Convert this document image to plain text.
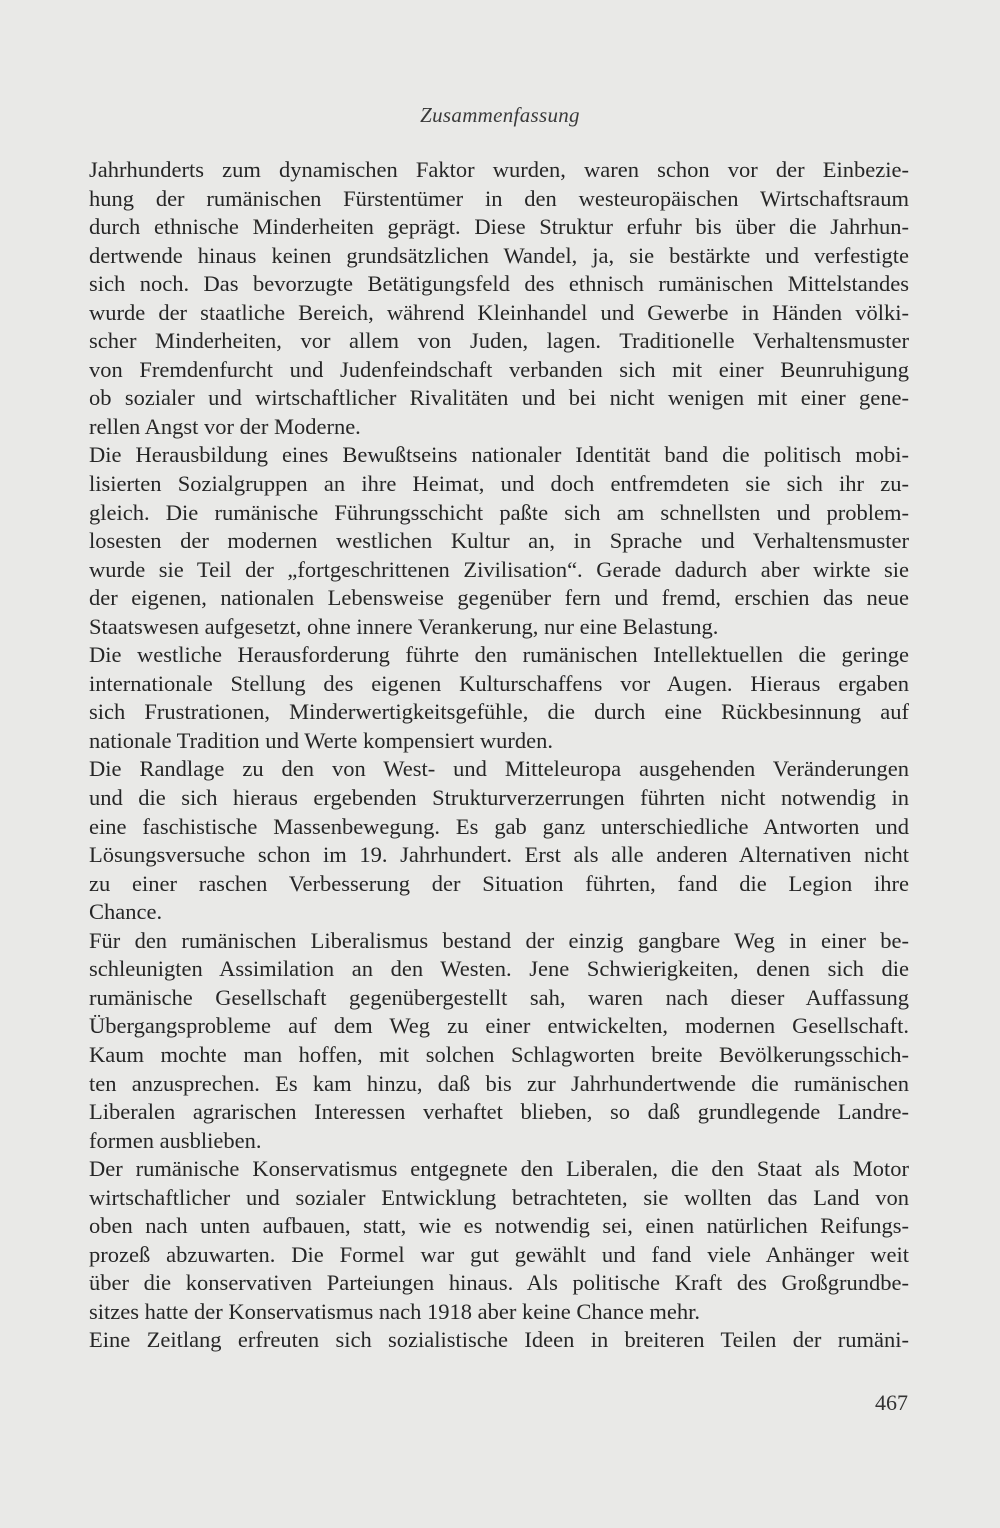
Zusammenfassung
Jahrhunderts zum dynamischen Faktor wurden, waren schon vor der Einbezie-
hung der rumänischen Fürstentümer in den westeuropäischen Wirtschaftsraum
durch ethnische Minderheiten geprägt. Diese Struktur erfuhr bis über die Jahrhun-
dertwende hinaus keinen grundsätzlichen Wandel, ja, sie bestärkte und verfestigte
sich noch. Das bevorzugte Betätigungsfeld des ethnisch rumänischen Mittelstandes
wurde der staatliche Bereich, während Kleinhandel und Gewerbe in Händen völki-
scher Minderheiten, vor allem von Juden, lagen. Traditionelle Verhaltensmuster
von Fremdenfurcht und Judenfeindschaft verbanden sich mit einer Beunruhigung
ob sozialer und wirtschaftlicher Rivalitäten und bei nicht wenigen mit einer gene-
rellen Angst vor der Moderne.
Die Herausbildung eines Bewußtseins nationaler Identität band die politisch mobi-
lisierten Sozialgruppen an ihre Heimat, und doch entfremdeten sie sich ihr zu-
gleich. Die rumänische Führungsschicht paßte sich am schnellsten und problem-
losesten der modernen westlichen Kultur an, in Sprache und Verhaltensmuster
wurde sie Teil der „fortgeschrittenen Zivilisation“. Gerade dadurch aber wirkte sie
der eigenen, nationalen Lebensweise gegenüber fern und fremd, erschien das neue
Staatswesen aufgesetzt, ohne innere Verankerung, nur eine Belastung.
Die westliche Herausforderung führte den rumänischen Intellektuellen die geringe
internationale Stellung des eigenen Kulturschaffens vor Augen. Hieraus ergaben
sich Frustrationen, Minderwertigkeitsgefühle, die durch eine Rückbesinnung auf
nationale Tradition und Werte kompensiert wurden.
Die Randlage zu den von West- und Mitteleuropa ausgehenden Veränderungen
und die sich hieraus ergebenden Strukturverzerrungen führten nicht notwendig in
eine faschistische Massenbewegung. Es gab ganz unterschiedliche Antworten und
Lösungsversuche schon im 19. Jahrhundert. Erst als alle anderen Alternativen nicht
zu einer raschen Verbesserung der Situation führten, fand die Legion ihre
Chance.
Für den rumänischen Liberalismus bestand der einzig gangbare Weg in einer be-
schleunigten Assimilation an den Westen. Jene Schwierigkeiten, denen sich die
rumänische Gesellschaft gegenübergestellt sah, waren nach dieser Auffassung
Übergangsprobleme auf dem Weg zu einer entwickelten, modernen Gesellschaft.
Kaum mochte man hoffen, mit solchen Schlagworten breite Bevölkerungsschich-
ten anzusprechen. Es kam hinzu, daß bis zur Jahrhundertwende die rumänischen
Liberalen agrarischen Interessen verhaftet blieben, so daß grundlegende Landre-
formen ausblieben.
Der rumänische Konservatismus entgegnete den Liberalen, die den Staat als Motor
wirtschaftlicher und sozialer Entwicklung betrachteten, sie wollten das Land von
oben nach unten aufbauen, statt, wie es notwendig sei, einen natürlichen Reifungs-
prozeß abzuwarten. Die Formel war gut gewählt und fand viele Anhänger weit
über die konservativen Parteiungen hinaus. Als politische Kraft des Großgrundbe-
sitzes hatte der Konservatismus nach 1918 aber keine Chance mehr.
Eine Zeitlang erfreuten sich sozialistische Ideen in breiteren Teilen der rumäni-
467
